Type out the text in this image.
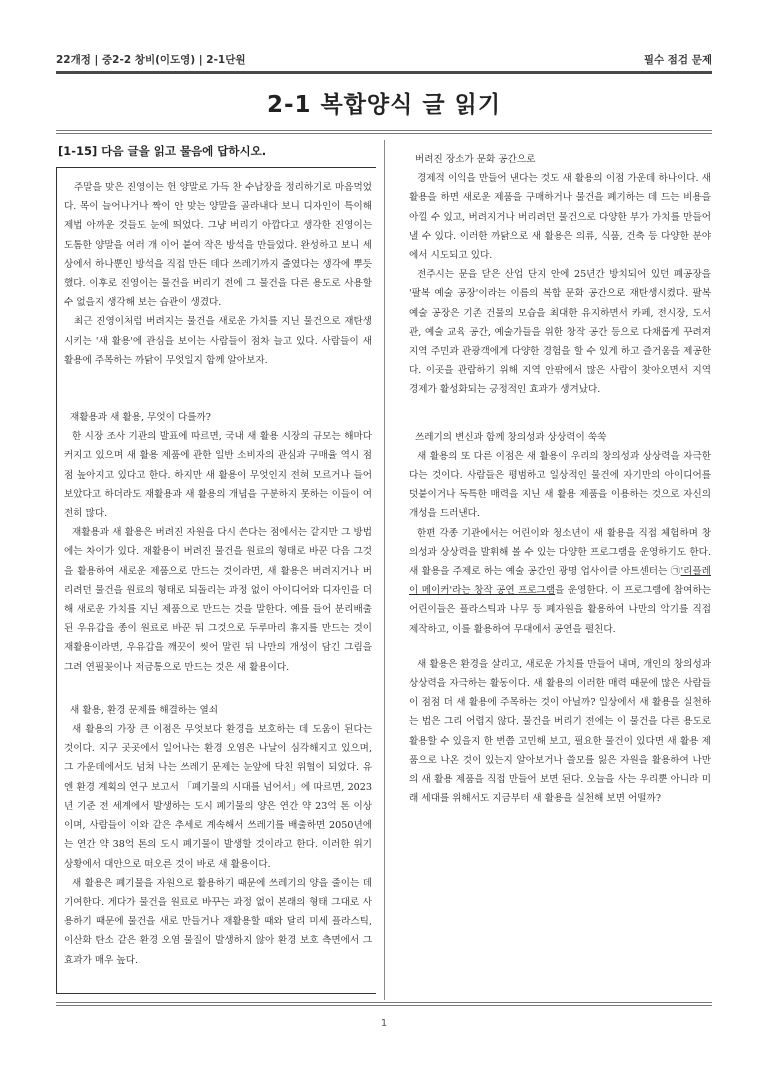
22개정 | 중2-2 창비(이도영) | 2-1단원	필수 점검 문제
2-1 복합양식 글 읽기
[1-15] 다음 글을 읽고 물음에 답하시오.

주말을 맞은 진영이는 헌 양말로 가득 찬 수납장을 정리하기로 마음먹었다. 목이 늘어나거나 짝이 안 맞는 양말을 골라내다 보니 디자인이 특이해 제법 아까운 것들도 눈에 띄었다. 그냥 버리기 아깝다고 생각한 진영이는 도톰한 양말을 여러 개 이어 붙여 작은 방석을 만들었다. 완성하고 보니 세상에서 하나뿐인 방석을 직접 만든 데다 쓰레기까지 줄였다는 생각에 뿌듯했다. 이후로 진영이는 물건을 버리기 전에 그 물건을 다른 용도로 사용할 수 없을지 생각해 보는 습관이 생겼다.

최근 진영이처럼 버려지는 물건을 새로운 가치를 지닌 물건으로 재탄생시키는 '새 활용'에 관심을 보이는 사람들이 점차 늘고 있다. 사람들이 새 활용에 주목하는 까닭이 무엇일지 함께 알아보자.

재활용과 새 활용, 무엇이 다를까?

한 시장 조사 기관의 발표에 따르면, 국내 새 활용 시장의 규모는 해마다 커지고 있으며 새 활용 제품에 관한 일반 소비자의 관심과 구매율 역시 점점 높아지고 있다고 한다. 하지만 새 활용이 무엇인지 전혀 모르거나 들어 보았다고 하더라도 재활용과 새 활용의 개념을 구분하지 못하는 이들이 여전히 많다.

재활용과 새 활용은 버려진 자원을 다시 쓴다는 점에서는 같지만 그 방법에는 차이가 있다. 재활용이 버려진 물건을 원료의 형태로 바꾼 다음 그것을 활용하여 새로운 제품으로 만드는 것이라면, 새 활용은 버려지거나 버리려던 물건을 원료의 형태로 되돌리는 과정 없이 아이디어와 디자인을 더해 새로운 가치를 지닌 제품으로 만드는 것을 말한다. 예를 들어 분리배출된 우유갑을 종이 원료로 바꾼 뒤 그것으로 두루마리 휴지를 만드는 것이 재활용이라면, 우유갑을 깨끗이 씻어 말린 뒤 나만의 개성이 담긴 그림을 그려 연필꽂이나 저금통으로 만드는 것은 새 활용이다.

새 활용, 환경 문제를 해결하는 열쇠

새 활용의 가장 큰 이점은 무엇보다 환경을 보호하는 데 도움이 된다는 것이다. 지구 곳곳에서 일어나는 환경 오염은 나날이 심각해지고 있으며, 그 가운데에서도 넘쳐 나는 쓰레기 문제는 눈앞에 닥친 위협이 되었다. 유엔 환경 계획의 연구 보고서 「폐기물의 시대를 넘어서」에 따르면, 2023년 기준 전 세계에서 발생하는 도시 폐기물의 양은 연간 약 23억 톤 이상이며, 사람들이 이와 같은 추세로 계속해서 쓰레기를 배출하면 2050년에는 연간 약 38억 톤의 도시 폐기물이 발생할 것이라고 한다. 이러한 위기 상황에서 대안으로 떠오른 것이 바로 새 활용이다.

새 활용은 폐기물을 자원으로 활용하기 때문에 쓰레기의 양을 줄이는 데 기여한다. 게다가 물건을 원료로 바꾸는 과정 없이 본래의 형태 그대로 사용하기 때문에 물건을 새로 만들거나 재활용할 때와 달리 미세 플라스틱, 이산화 탄소 같은 환경 오염 물질이 발생하지 않아 환경 보호 측면에서 그 효과가 매우 높다.

버려진 장소가 문화 공간으로

경제적 이익을 만들어 낸다는 것도 새 활용의 이점 가운데 하나이다. 새 활용을 하면 새로운 제품을 구매하거나 물건을 폐기하는 데 드는 비용을 아낄 수 있고, 버려지거나 버리려던 물건으로 다양한 부가 가치를 만들어 낼 수 있다. 이러한 까닭으로 새 활용은 의류, 식품, 건축 등 다양한 분야에서 시도되고 있다.

전주시는 문을 닫은 산업 단지 안에 25년간 방치되어 있던 폐공장을 '팔복 예술 공장'이라는 이름의 복합 문화 공간으로 재탄생시켰다. 팔복 예술 공장은 기존 건물의 모습을 최대한 유지하면서 카페, 전시장, 도서관, 예술 교육 공간, 예술가들을 위한 창작 공간 등으로 다채롭게 꾸려져 지역 주민과 관광객에게 다양한 경험을 할 수 있게 하고 즐거움을 제공한다. 이곳을 관람하기 위해 지역 안팎에서 많은 사람이 찾아오면서 지역 경제가 활성화되는 긍정적인 효과가 생겨났다.

쓰레기의 변신과 함께 창의성과 상상력이 쑥쑥

새 활용의 또 다른 이점은 새 활용이 우리의 창의성과 상상력을 자극한다는 것이다. 사람들은 평범하고 일상적인 물건에 자기만의 아이디어를 덧붙이거나 독특한 매력을 지닌 새 활용 제품을 이용하는 것으로 자신의 개성을 드러낸다.

한편 각종 기관에서는 어린이와 청소년이 새 활용을 직접 체험하며 창의성과 상상력을 발휘해 볼 수 있는 다양한 프로그램을 운영하기도 한다. 새 활용을 주제로 하는 예술 공간인 광명 업사이클 아트센터는 ㉠'리플레이 메이커'라는 창작 공연 프로그램을 운영한다. 이 프로그램에 참여하는 어린이들은 플라스틱과 나무 등 폐자원을 활용하여 나만의 악기를 직접 제작하고, 이를 활용하여 무대에서 공연을 펼친다.

새 활용은 환경을 살리고, 새로운 가치를 만들어 내며, 개인의 창의성과 상상력을 자극하는 활동이다. 새 활용의 이러한 매력 때문에 많은 사람들이 점점 더 새 활용에 주목하는 것이 아닐까? 일상에서 새 활용을 실천하는 법은 그리 어렵지 않다. 물건을 버리기 전에는 이 물건을 다른 용도로 활용할 수 있을지 한 번쯤 고민해 보고, 필요한 물건이 있다면 새 활용 제품으로 나온 것이 있는지 알아보거나 쓸모를 잃은 자원을 활용하여 나만의 새 활용 제품을 직접 만들어 보면 된다. 오늘을 사는 우리뿐 아니라 미래 세대를 위해서도 지금부터 새 활용을 실천해 보면 어떨까?

1
